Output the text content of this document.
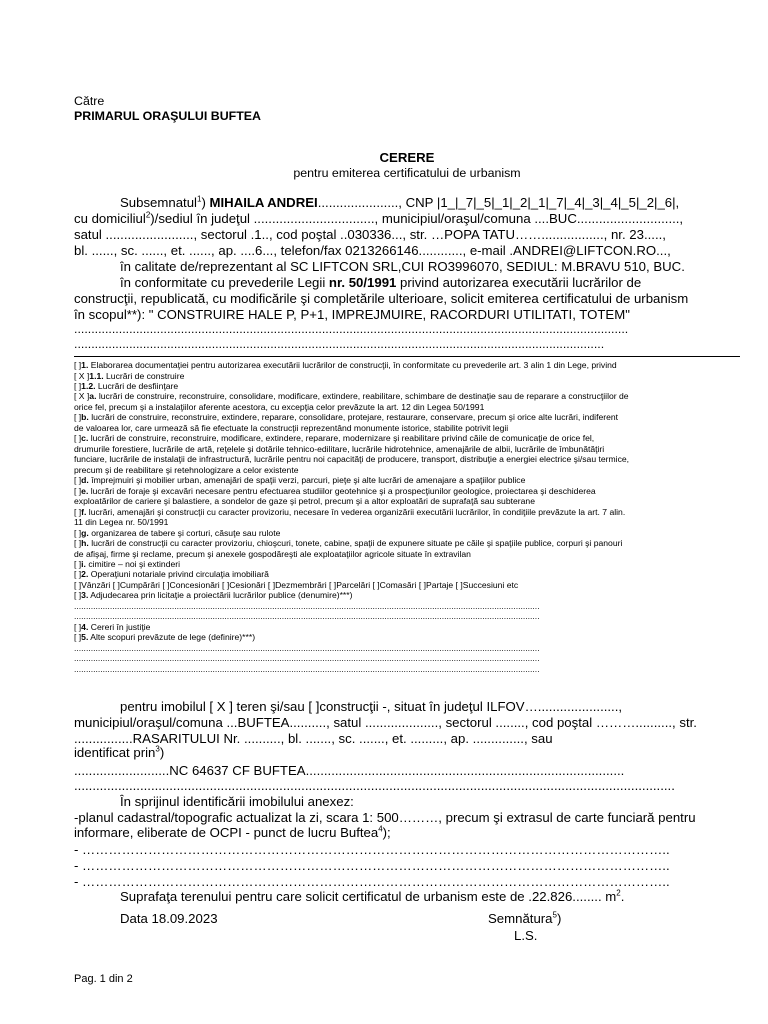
Către

PRIMARUL ORAŞULUI BUFTEA

CERERE

pentru emiterea certificatului de urbanism

Subsemnatul$^1$) MIHAILA ANDREI......................, CNP |1_|_7|_5|_1|_2|_1|_7|_4|_3|_4|_5|_2|_6|,

cu domiciliul$^2$)/sediul în judeţul ................................., municipiul/oraşul/comuna ....BUC............................,

satul ........................, sectorul .1.., cod poştal ..030336..., str. …POPA TATU……................., nr. 23.....,

bl. ......, sc. ......, et. ......, ap. ....6..., telefon/fax 0213266146............, e-mail .ANDREI@LIFTCON.RO...,

în calitate de/reprezentant al SC LIFTCON SRL,CUI RO3996070, SEDIUL: M.BRAVU 510, BUC.

în conformitate cu prevederile Legii nr. 50/1991 privind autorizarea executării lucrărilor de

construcţii, republicată, cu modificările şi completările ulterioare, solicit emiterea certificatului de urbanism

în scopul**): " CONSTRUIRE HALE P, P+1, IMPREJMUIRE, RACORDURI UTILITATI, TOTEM"

.................................................................................................................................................................

..........................................................................................................................................................

[ ]1. Elaborarea documentaţiei pentru autorizarea executării lucrărilor de construcţii, în conformitate cu prevederile art. 3 alin 1 din Lege, privind

[ X ]1.1. Lucrări de construire

[ ]1.2. Lucrări de desfiinţare

[ X ]a. lucrări de construire, reconstruire, consolidare, modificare, extindere, reabilitare, schimbare de destinaţie sau de reparare a construcţiilor de

orice fel, precum şi a instalaţiilor aferente acestora, cu excepţia celor prevăzute la art. 12 din Legea 50/1991

[ ]b. lucrări de construire, reconstruire, extindere, reparare, consolidare, protejare, restaurare, conservare, precum şi orice alte lucrări, indiferent

de valoarea lor, care urmează să fie efectuate la construcţii reprezentând monumente istorice, stabilite potrivit legii

[ ]c. lucrări de construire, reconstruire, modificare, extindere, reparare, modernizare şi reabilitare privind căile de comunicaţie de orice fel,

drumurile forestiere, lucrările de artă, reţelele şi dotările tehnico-edilitare, lucrările hidrotehnice, amenajările de albii, lucrările de îmbunătăţiri

funciare, lucrările de instalaţii de infrastructură, lucrările pentru noi capacităţi de producere, transport, distribuţie a energiei electrice şi/sau termice,

precum şi de reabilitare şi retehnologizare a celor existente

[ ]d. împrejmuiri şi mobilier urban, amenajări de spaţii verzi, parcuri, pieţe şi alte lucrări de amenajare a spaţiilor publice

[ ]e. lucrări de foraje şi excavări necesare pentru efectuarea studiilor geotehnice şi a prospecţiunilor geologice, proiectarea şi deschiderea

exploatărilor de cariere şi balastiere, a sondelor de gaze şi petrol, precum şi a altor exploatări de suprafaţă sau subterane

[ ]f. lucrări, amenajări şi construcţii cu caracter provizoriu, necesare în vederea organizării executării lucrărilor, în condiţiile prevăzute la art. 7 alin.

11 din Legea nr. 50/1991

[ ]g. organizarea de tabere şi corturi, căsuţe sau rulote

[ ]h. lucrări de construcţii cu caracter provizoriu, chioşcuri, tonete, cabine, spaţii de expunere situate pe căile şi spaţiile publice, corpuri şi panouri

de afişaj, firme şi reclame, precum şi anexele gospodăreşti ale exploataţiilor agricole situate în extravilan

[ ]i. cimitire – noi şi extinderi

[ ]2. Operaţiuni notariale privind circulaţia imobiliară

[ ]Vânzări [ ]Cumpărări [ ]Concesionări [ ]Cesionări [ ]Dezmembrări [ ]Parcelări [ ]Comasări [ ]Partaje [ ]Succesiuni etc

[ ]3. Adjudecarea prin licitaţie a proiectării lucrărilor publice (denumire)***)

...................................................................................................................................................................................................

...................................................................................................................................................................................................

[ ]4. Cereri în justiţie

[ ]5. Alte scopuri prevăzute de lege (definire)***)

...................................................................................................................................................................................................

...................................................................................................................................................................................................

...................................................................................................................................................................................................

pentru imobilul [ X ] teren şi/sau [ ]construcţii -, situat în judeţul ILFOV…......................,

municipiul/oraşul/comuna ...BUFTEA.........., satul ...................., sectorul ........, cod poştal ……….........., str.

................RASARITULUI Nr. .........., bl. ......., sc. ......., et. ........., ap. .............., sau

identificat prin$^3$)

..........................NC 64637 CF BUFTEA.......................................................................................

....................................................................................................................................................................

În sprijinul identificării imobilului anexez:

-planul cadastral/topografic actualizat la zi, scara 1: 500………, precum şi extrasul de carte funciară pentru

informare, eliberate de OCPI - punct de lucru Buftea$^4$);

- ……………………………………………………………………………………………………………………..

- ……………………………………………………………………………………………………………………..

- ……………………………………………………………………………………………………………………..

Suprafaţa terenului pentru care solicit certificatul de urbanism este de .22.826........ $m^2$.

Data 18.09.2023	Semnătura$^5$)

L.S.

Pag. 1 din 2
